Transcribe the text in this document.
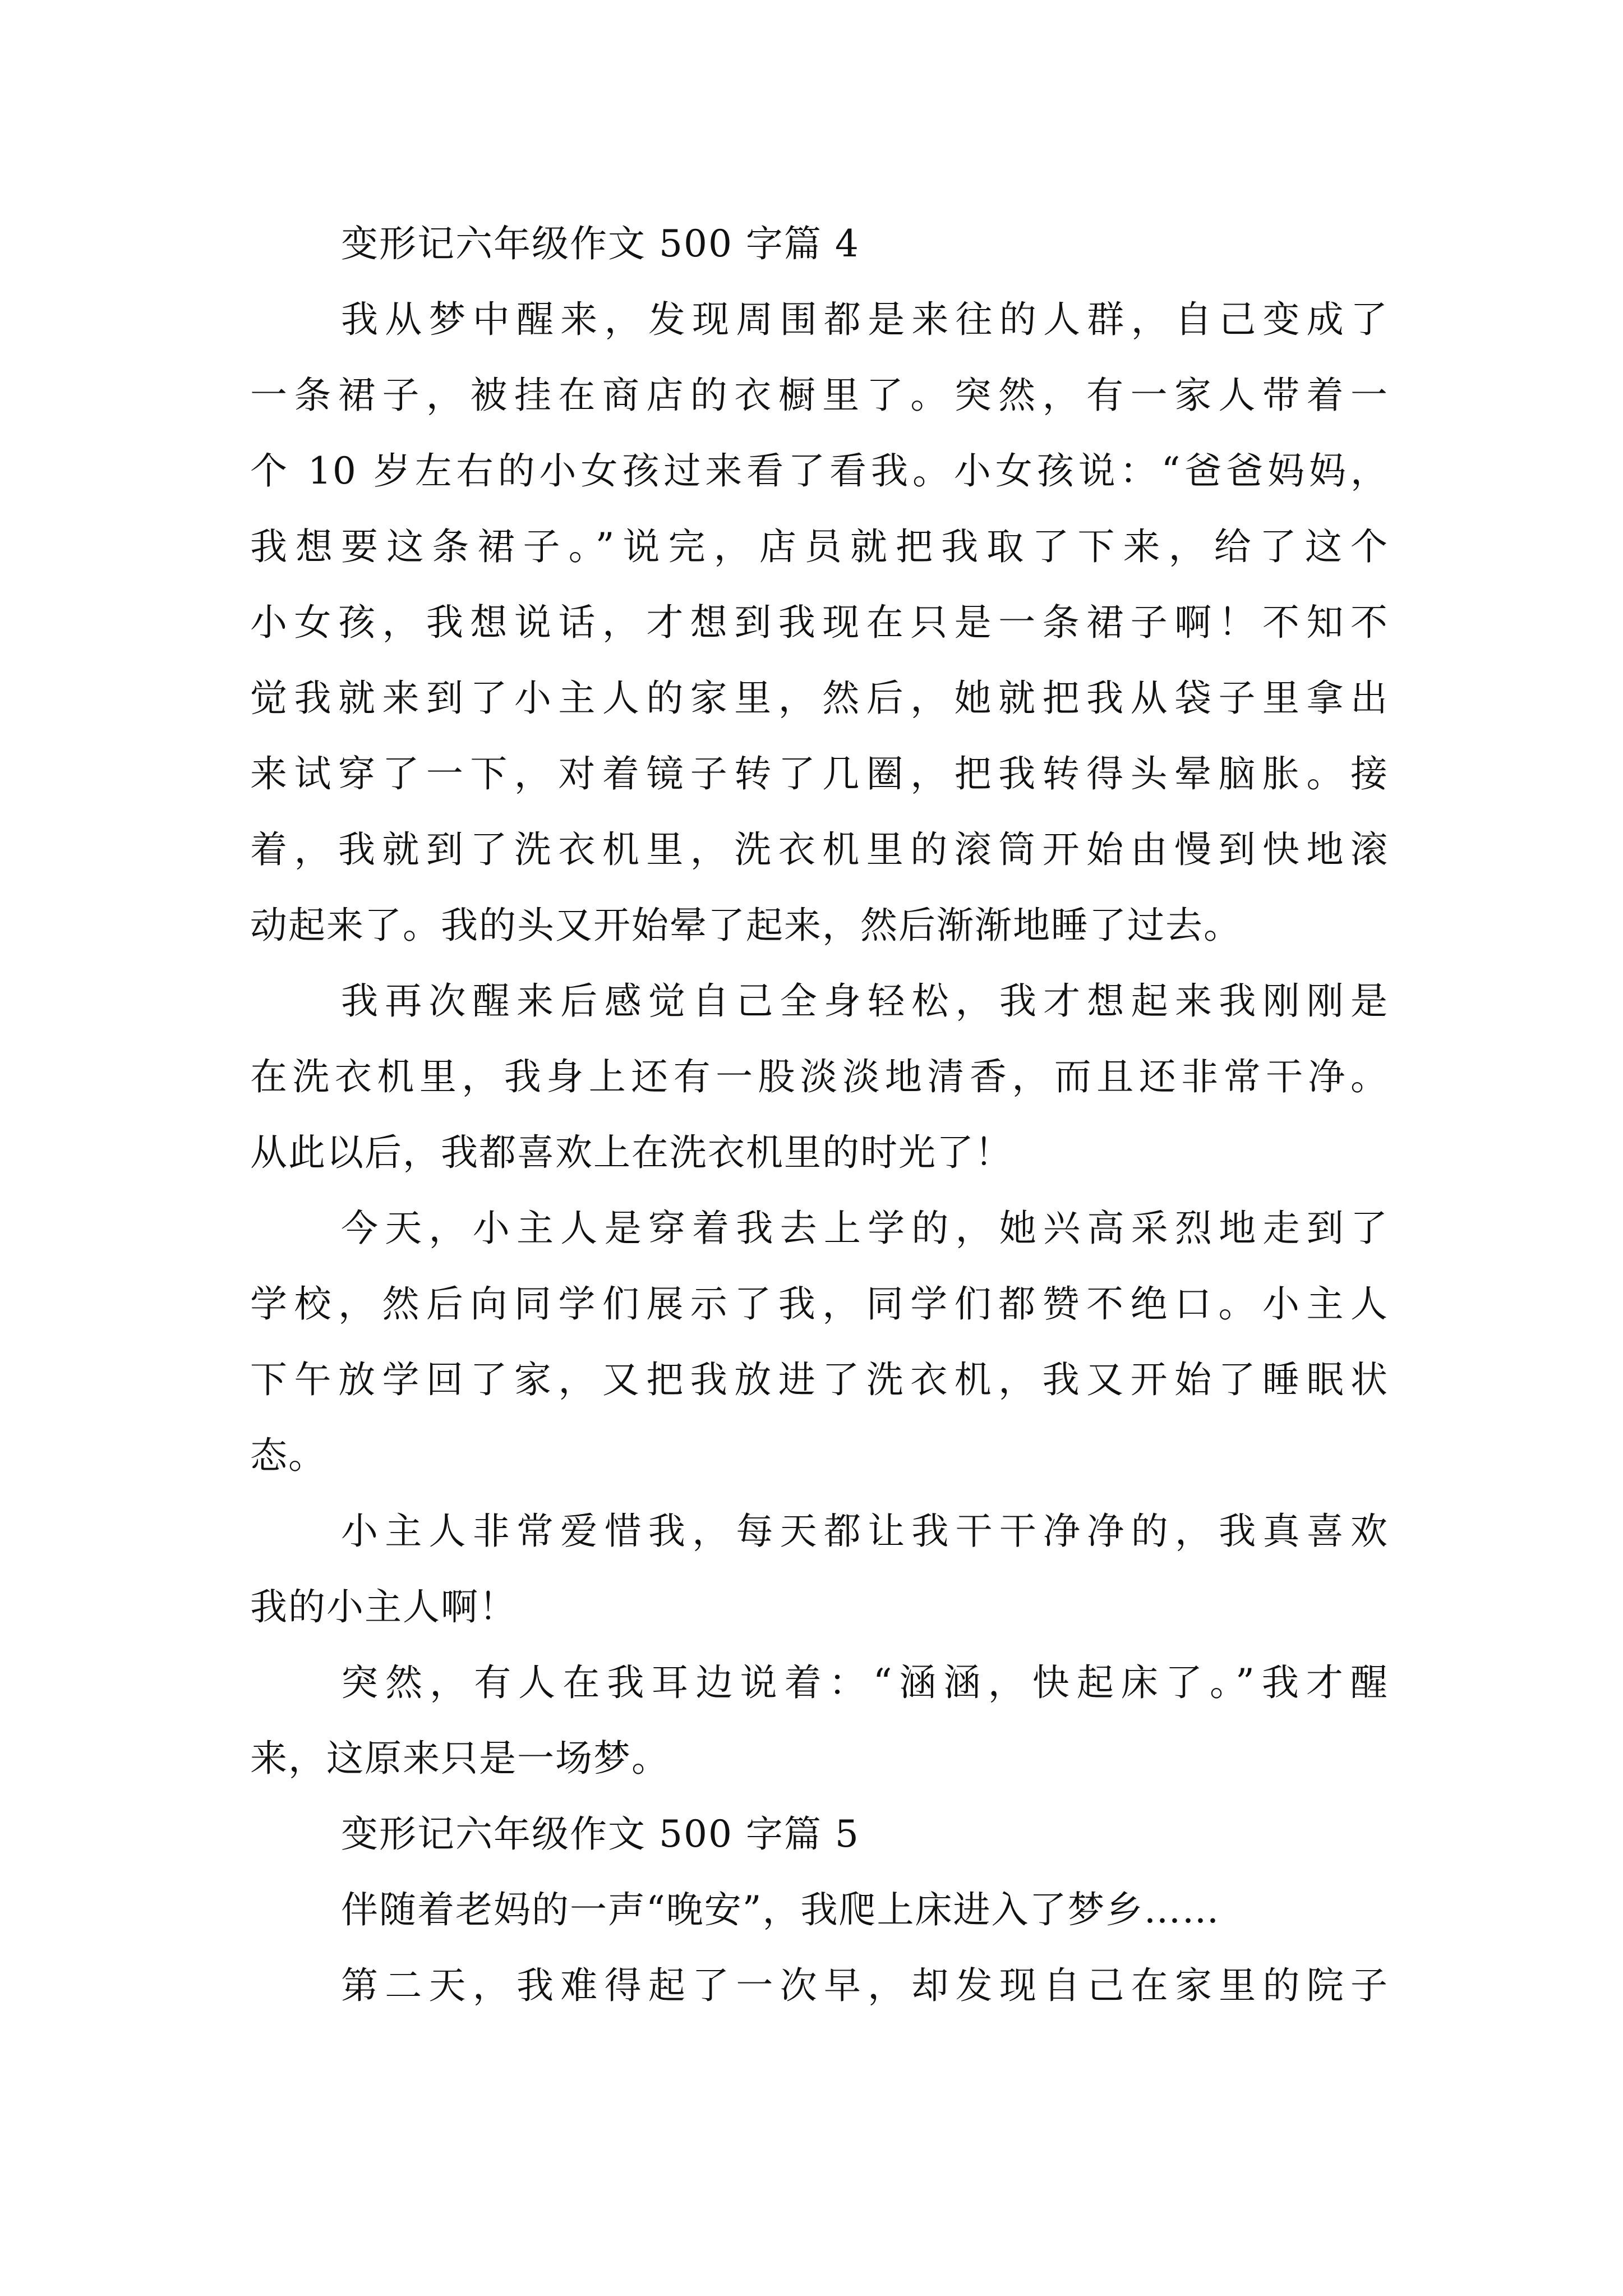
变形记六年级作文 500 字篇 4
我从梦中醒来，发现周围都是来往的人群，自己变成了
一条裙子，被挂在商店的衣橱里了。突然，有一家人带着一
个 10 岁左右的小女孩过来看了看我。小女孩说：“爸爸妈妈，
我想要这条裙子。”说完，店员就把我取了下来，给了这个
小女孩，我想说话，才想到我现在只是一条裙子啊！不知不
觉我就来到了小主人的家里，然后，她就把我从袋子里拿出
来试穿了一下，对着镜子转了几圈，把我转得头晕脑胀。接
着，我就到了洗衣机里，洗衣机里的滚筒开始由慢到快地滚
动起来了。我的头又开始晕了起来，然后渐渐地睡了过去。
我再次醒来后感觉自己全身轻松，我才想起来我刚刚是
在洗衣机里，我身上还有一股淡淡地清香，而且还非常干净。
从此以后，我都喜欢上在洗衣机里的时光了！
今天，小主人是穿着我去上学的，她兴高采烈地走到了
学校，然后向同学们展示了我，同学们都赞不绝口。小主人
下午放学回了家，又把我放进了洗衣机，我又开始了睡眠状
态。
小主人非常爱惜我，每天都让我干干净净的，我真喜欢
我的小主人啊！
突然，有人在我耳边说着：“涵涵，快起床了。”我才醒
来，这原来只是一场梦。
变形记六年级作文 500 字篇 5
伴随着老妈的一声“晚安”，我爬上床进入了梦乡……
第二天，我难得起了一次早，却发现自己在家里的院子
